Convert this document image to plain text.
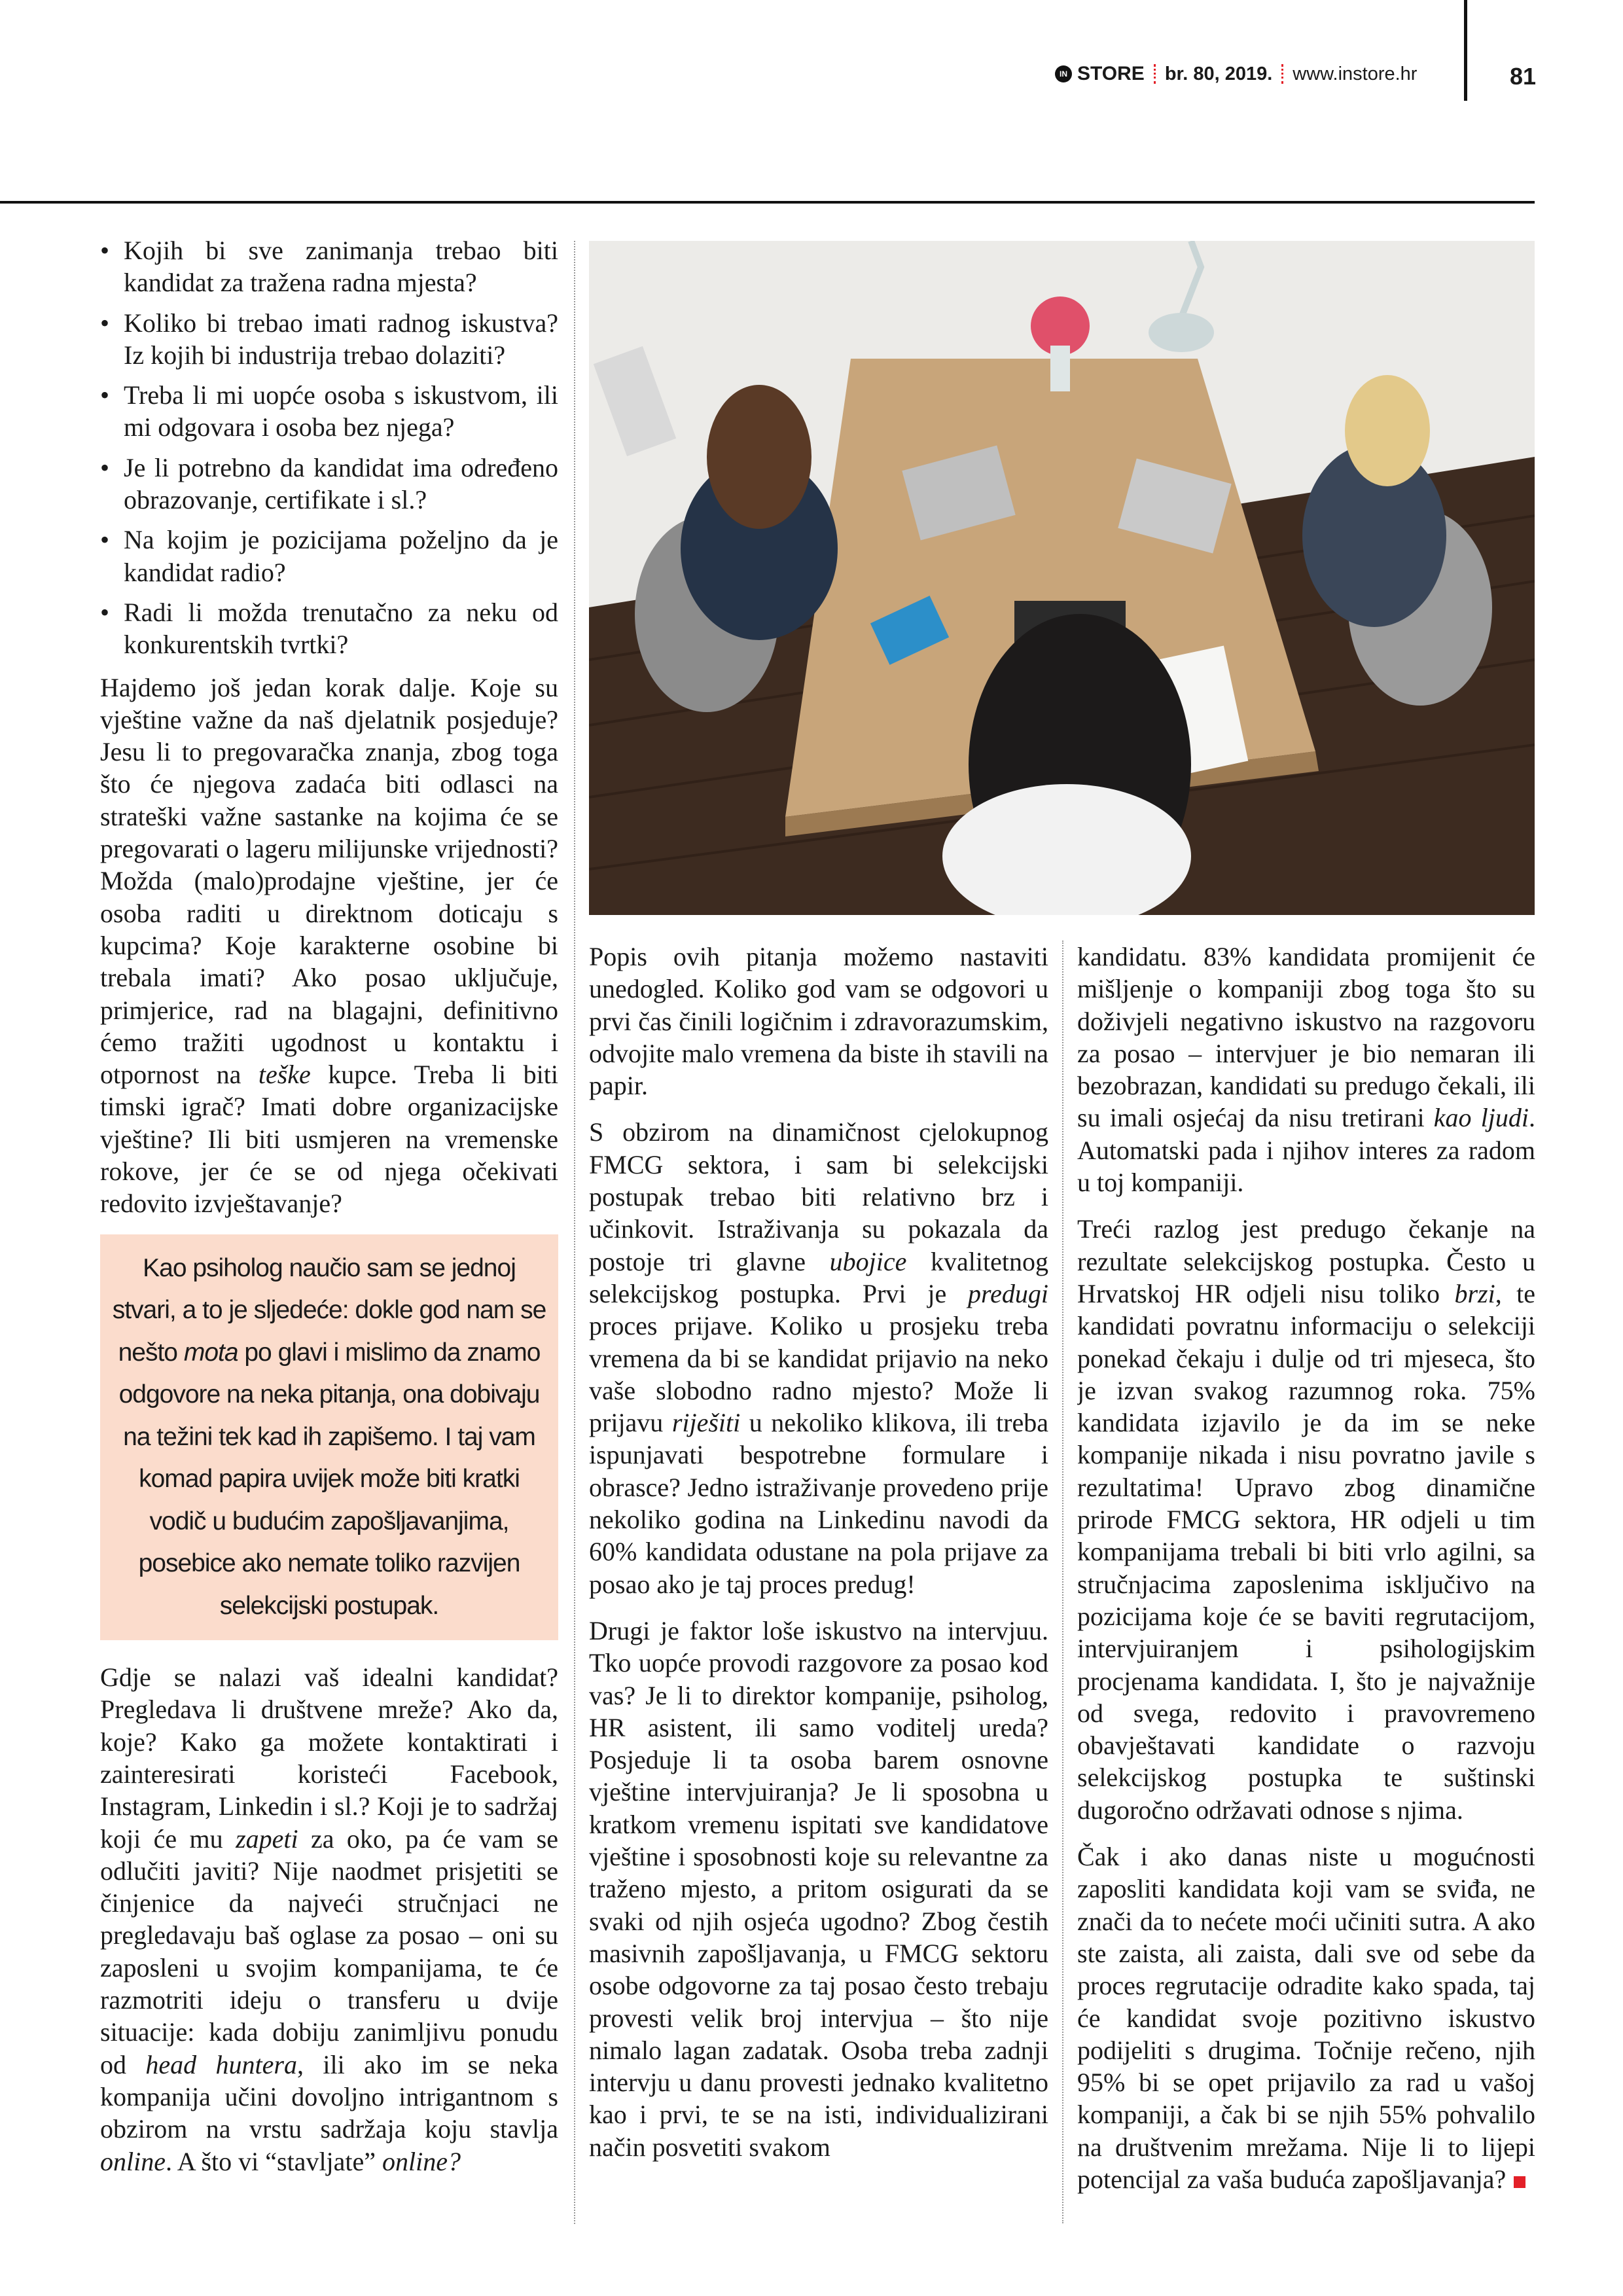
IN STORE br. 80, 2019. www.instore.hr	81
• Kojih bi sve zanimanja trebao biti kandidat za tražena radna mjesta?
• Koliko bi trebao imati radnog iskustva? Iz kojih bi industrija trebao dolaziti?
• Treba li mi uopće osoba s iskustvom, ili mi odgovara i osoba bez njega?
• Je li potrebno da kandidat ima određeno obrazovanje, certifikate i sl.?
• Na kojim je pozicijama poželjno da je kandidat radio?
• Radi li možda trenutačno za neku od konkurentskih tvrtki?

Hajdemo još jedan korak dalje. Koje su vještine važne da naš djelatnik posjeduje? Jesu li to pregovaračka znanja, zbog toga što će njegova zadaća biti odlasci na strateški važne sastanke na kojima će se pregovarati o lageru milijunske vrijednosti? Možda (malo)prodajne vještine, jer će osoba raditi u direktnom doticaju s kupcima? Koje karakterne osobine bi trebala imati? Ako posao uključuje, primjerice, rad na blagajni, definitivno ćemo tražiti ugodnost u kontaktu i otpornost na teške kupce. Treba li biti timski igrač? Imati dobre organizacijske vještine? Ili biti usmjeren na vremenske rokove, jer će se od njega očekivati redovito izvještavanje?

Kao psiholog naučio sam se jednoj stvari, a to je sljedeće: dokle god nam se nešto mota po glavi i mislimo da znamo odgovore na neka pitanja, ona dobivaju na težini tek kad ih zapišemo. I taj vam komad papira uvijek može biti kratki vodič u budućim zapošljavanjima, posebice ako nemate toliko razvijen selekcijski postupak.

Gdje se nalazi vaš idealni kandidat? Pregledava li društvene mreže? Ako da, koje? Kako ga možete kontaktirati i zainteresirati koristeći Facebook, Instagram, Linkedin i sl.? Koji je to sadržaj koji će mu zapeti za oko, pa će vam se odlučiti javiti? Nije naodmet prisjetiti se činjenice da najveći stručnjaci ne pregledavaju baš oglase za posao – oni su zaposleni u svojim kompanijama, te će razmotriti ideju o transferu u dvije situacije: kada dobiju zanimljivu ponudu od head huntera, ili ako im se neka kompanija učini dovoljno intrigantnom s obzirom na vrstu sadržaja koju stavlja online. A što vi “stavljate” online?

Popis ovih pitanja možemo nastaviti unedogled. Koliko god vam se odgovori u prvi čas činili logičnim i zdravorazumskim, odvojite malo vremena da biste ih stavili na papir.

S obzirom na dinamičnost cjelokupnog FMCG sektora, i sam bi selekcijski postupak trebao biti relativno brz i učinkovit. Istraživanja su pokazala da postoje tri glavne ubojice kvalitetnog selekcijskog postupka. Prvi je predugi proces prijave. Koliko u prosjeku treba vremena da bi se kandidat prijavio na neko vaše slobodno radno mjesto? Može li prijavu riješiti u nekoliko klikova, ili treba ispunjavati bespotrebne formulare i obrasce? Jedno istraživanje provedeno prije nekoliko godina na Linkedinu navodi da 60% kandidata odustane na pola prijave za posao ako je taj proces predug!

Drugi je faktor loše iskustvo na intervjuu. Tko uopće provodi razgovore za posao kod vas? Je li to direktor kompanije, psiholog, HR asistent, ili samo voditelj ureda? Posjeduje li ta osoba barem osnovne vještine intervjuiranja? Je li sposobna u kratkom vremenu ispitati sve kandidatove vještine i sposobnosti koje su relevantne za traženo mjesto, a pritom osigurati da se svaki od njih osjeća ugodno? Zbog čestih masivnih zapošljavanja, u FMCG sektoru osobe odgovorne za taj posao često trebaju provesti velik broj intervjua – što nije nimalo lagan zadatak. Osoba treba zadnji intervju u danu provesti jednako kvalitetno kao i prvi, te se na isti, individualizirani način posvetiti svakom

kandidatu. 83% kandidata promijenit će mišljenje o kompaniji zbog toga što su doživjeli negativno iskustvo na razgovoru za posao – intervjuer je bio nemaran ili bezobrazan, kandidati su predugo čekali, ili su imali osjećaj da nisu tretirani kao ljudi. Automatski pada i njihov interes za radom u toj kompaniji.

Treći razlog jest predugo čekanje na rezultate selekcijskog postupka. Često u Hrvatskoj HR odjeli nisu toliko brzi, te kandidati povratnu informaciju o selekciji ponekad čekaju i dulje od tri mjeseca, što je izvan svakog razumnog roka. 75% kandidata izjavilo je da im se neke kompanije nikada i nisu povratno javile s rezultatima! Upravo zbog dinamične prirode FMCG sektora, HR odjeli u tim kompanijama trebali bi biti vrlo agilni, sa stručnjacima zaposlenima isključivo na pozicijama koje će se baviti regrutacijom, intervjuiranjem i psihologijskim procjenama kandidata. I, što je najvažnije od svega, redovito i pravovremeno obavještavati kandidate o razvoju selekcijskog postupka te suštinski dugoročno održavati odnose s njima.

Čak i ako danas niste u mogućnosti zaposliti kandidata koji vam se sviđa, ne znači da to nećete moći učiniti sutra. A ako ste zaista, ali zaista, dali sve od sebe da proces regrutacije odradite kako spada, taj će kandidat svoje pozitivno iskustvo podijeliti s drugima. Točnije rečeno, njih 95% bi se opet prijavilo za rad u vašoj kompaniji, a čak bi se njih 55% pohvalilo na društvenim mrežama. Nije li to lijepi potencijal za vaša buduća zapošljavanja?
